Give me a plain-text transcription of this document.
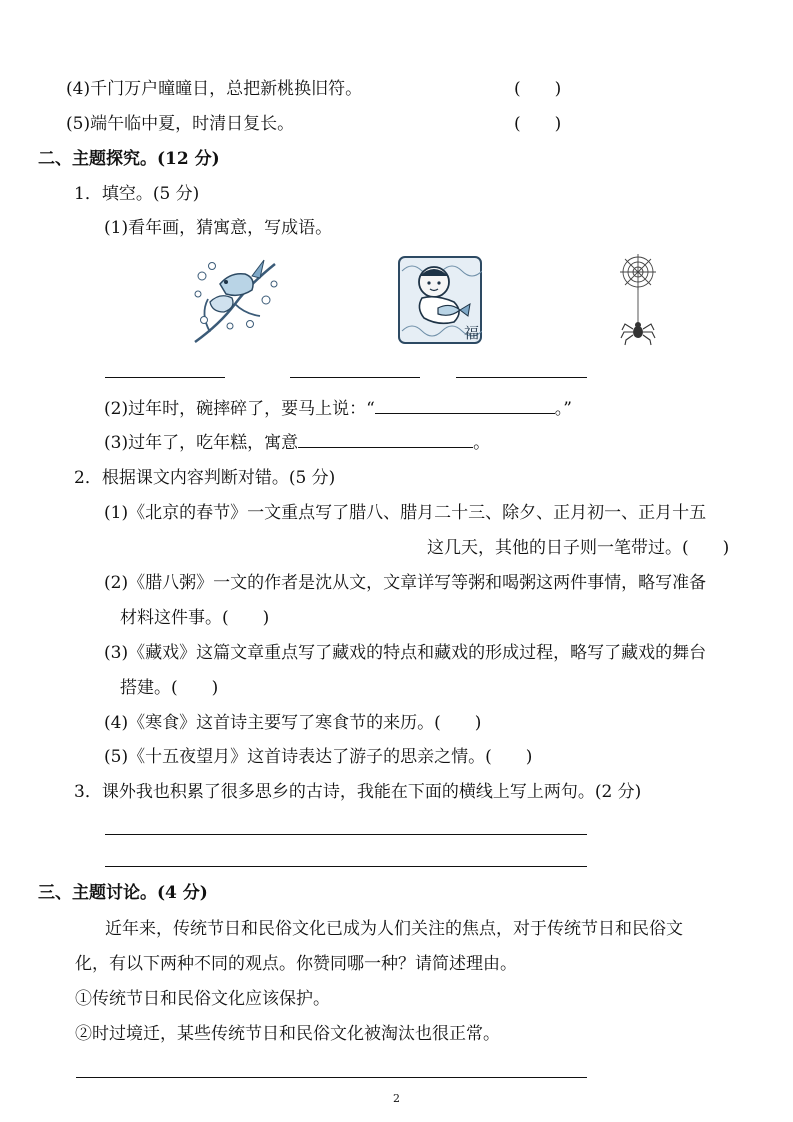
(4)千门万户曈曈日，总把新桃换旧符。	(　　)
(5)端午临中夏，时清日复长。	(　　)
二、主题探究。(12 分)
1．填空。(5 分)
(1)看年画，猜寓意，写成语。
福
(2)过年时，碗摔碎了，要马上说：“	。”
(3)过年了，吃年糕，寓意	。
2．根据课文内容判断对错。(5 分)
(1)《北京的春节》一文重点写了腊八、腊月二十三、除夕、正月初一、正月十五
这几天，其他的日子则一笔带过。(　　)
(2)《腊八粥》一文的作者是沈从文，文章详写等粥和喝粥这两件事情，略写准备
材料这件事。(　　)
(3)《藏戏》这篇文章重点写了藏戏的特点和藏戏的形成过程，略写了藏戏的舞台
搭建。(　　)
(4)《寒食》这首诗主要写了寒食节的来历。(　　)
(5)《十五夜望月》这首诗表达了游子的思亲之情。(　　)
3．课外我也积累了很多思乡的古诗，我能在下面的横线上写上两句。(2 分)
三、主题讨论。(4 分)
近年来，传统节日和民俗文化已成为人们关注的焦点，对于传统节日和民俗文
化，有以下两种不同的观点。你赞同哪一种？请简述理由。
①传统节日和民俗文化应该保护。
②时过境迁，某些传统节日和民俗文化被淘汰也很正常。
2
